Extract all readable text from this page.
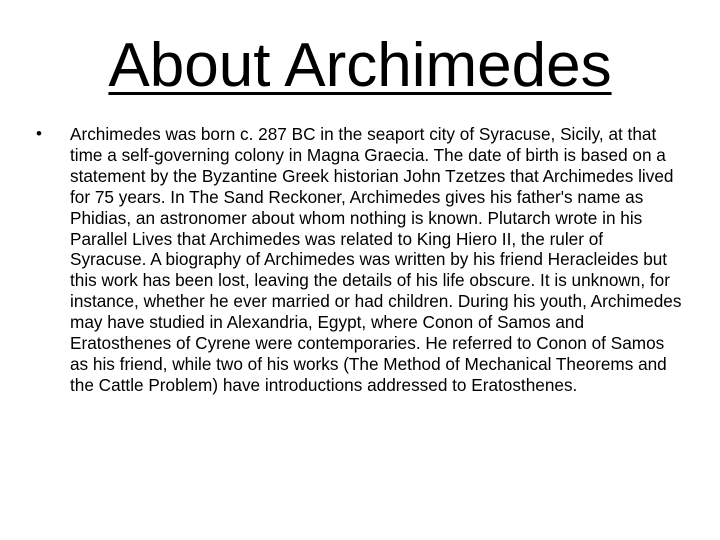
About Archimedes
•	Archimedes was born c. 287 BC in the seaport city of Syracuse, Sicily, at that time a self-governing colony in Magna Graecia. The date of birth is based on a statement by the Byzantine Greek historian John Tzetzes that Archimedes lived for 75 years. In The Sand Reckoner, Archimedes gives his father's name as Phidias, an astronomer about whom nothing is known. Plutarch wrote in his Parallel Lives that Archimedes was related to King Hiero II, the ruler of Syracuse. A biography of Archimedes was written by his friend Heracleides but this work has been lost, leaving the details of his life obscure. It is unknown, for instance, whether he ever married or had children. During his youth, Archimedes may have studied in Alexandria, Egypt, where Conon of Samos and Eratosthenes of Cyrene were contemporaries. He referred to Conon of Samos as his friend, while two of his works (The Method of Mechanical Theorems and the Cattle Problem) have introductions addressed to Eratosthenes.
